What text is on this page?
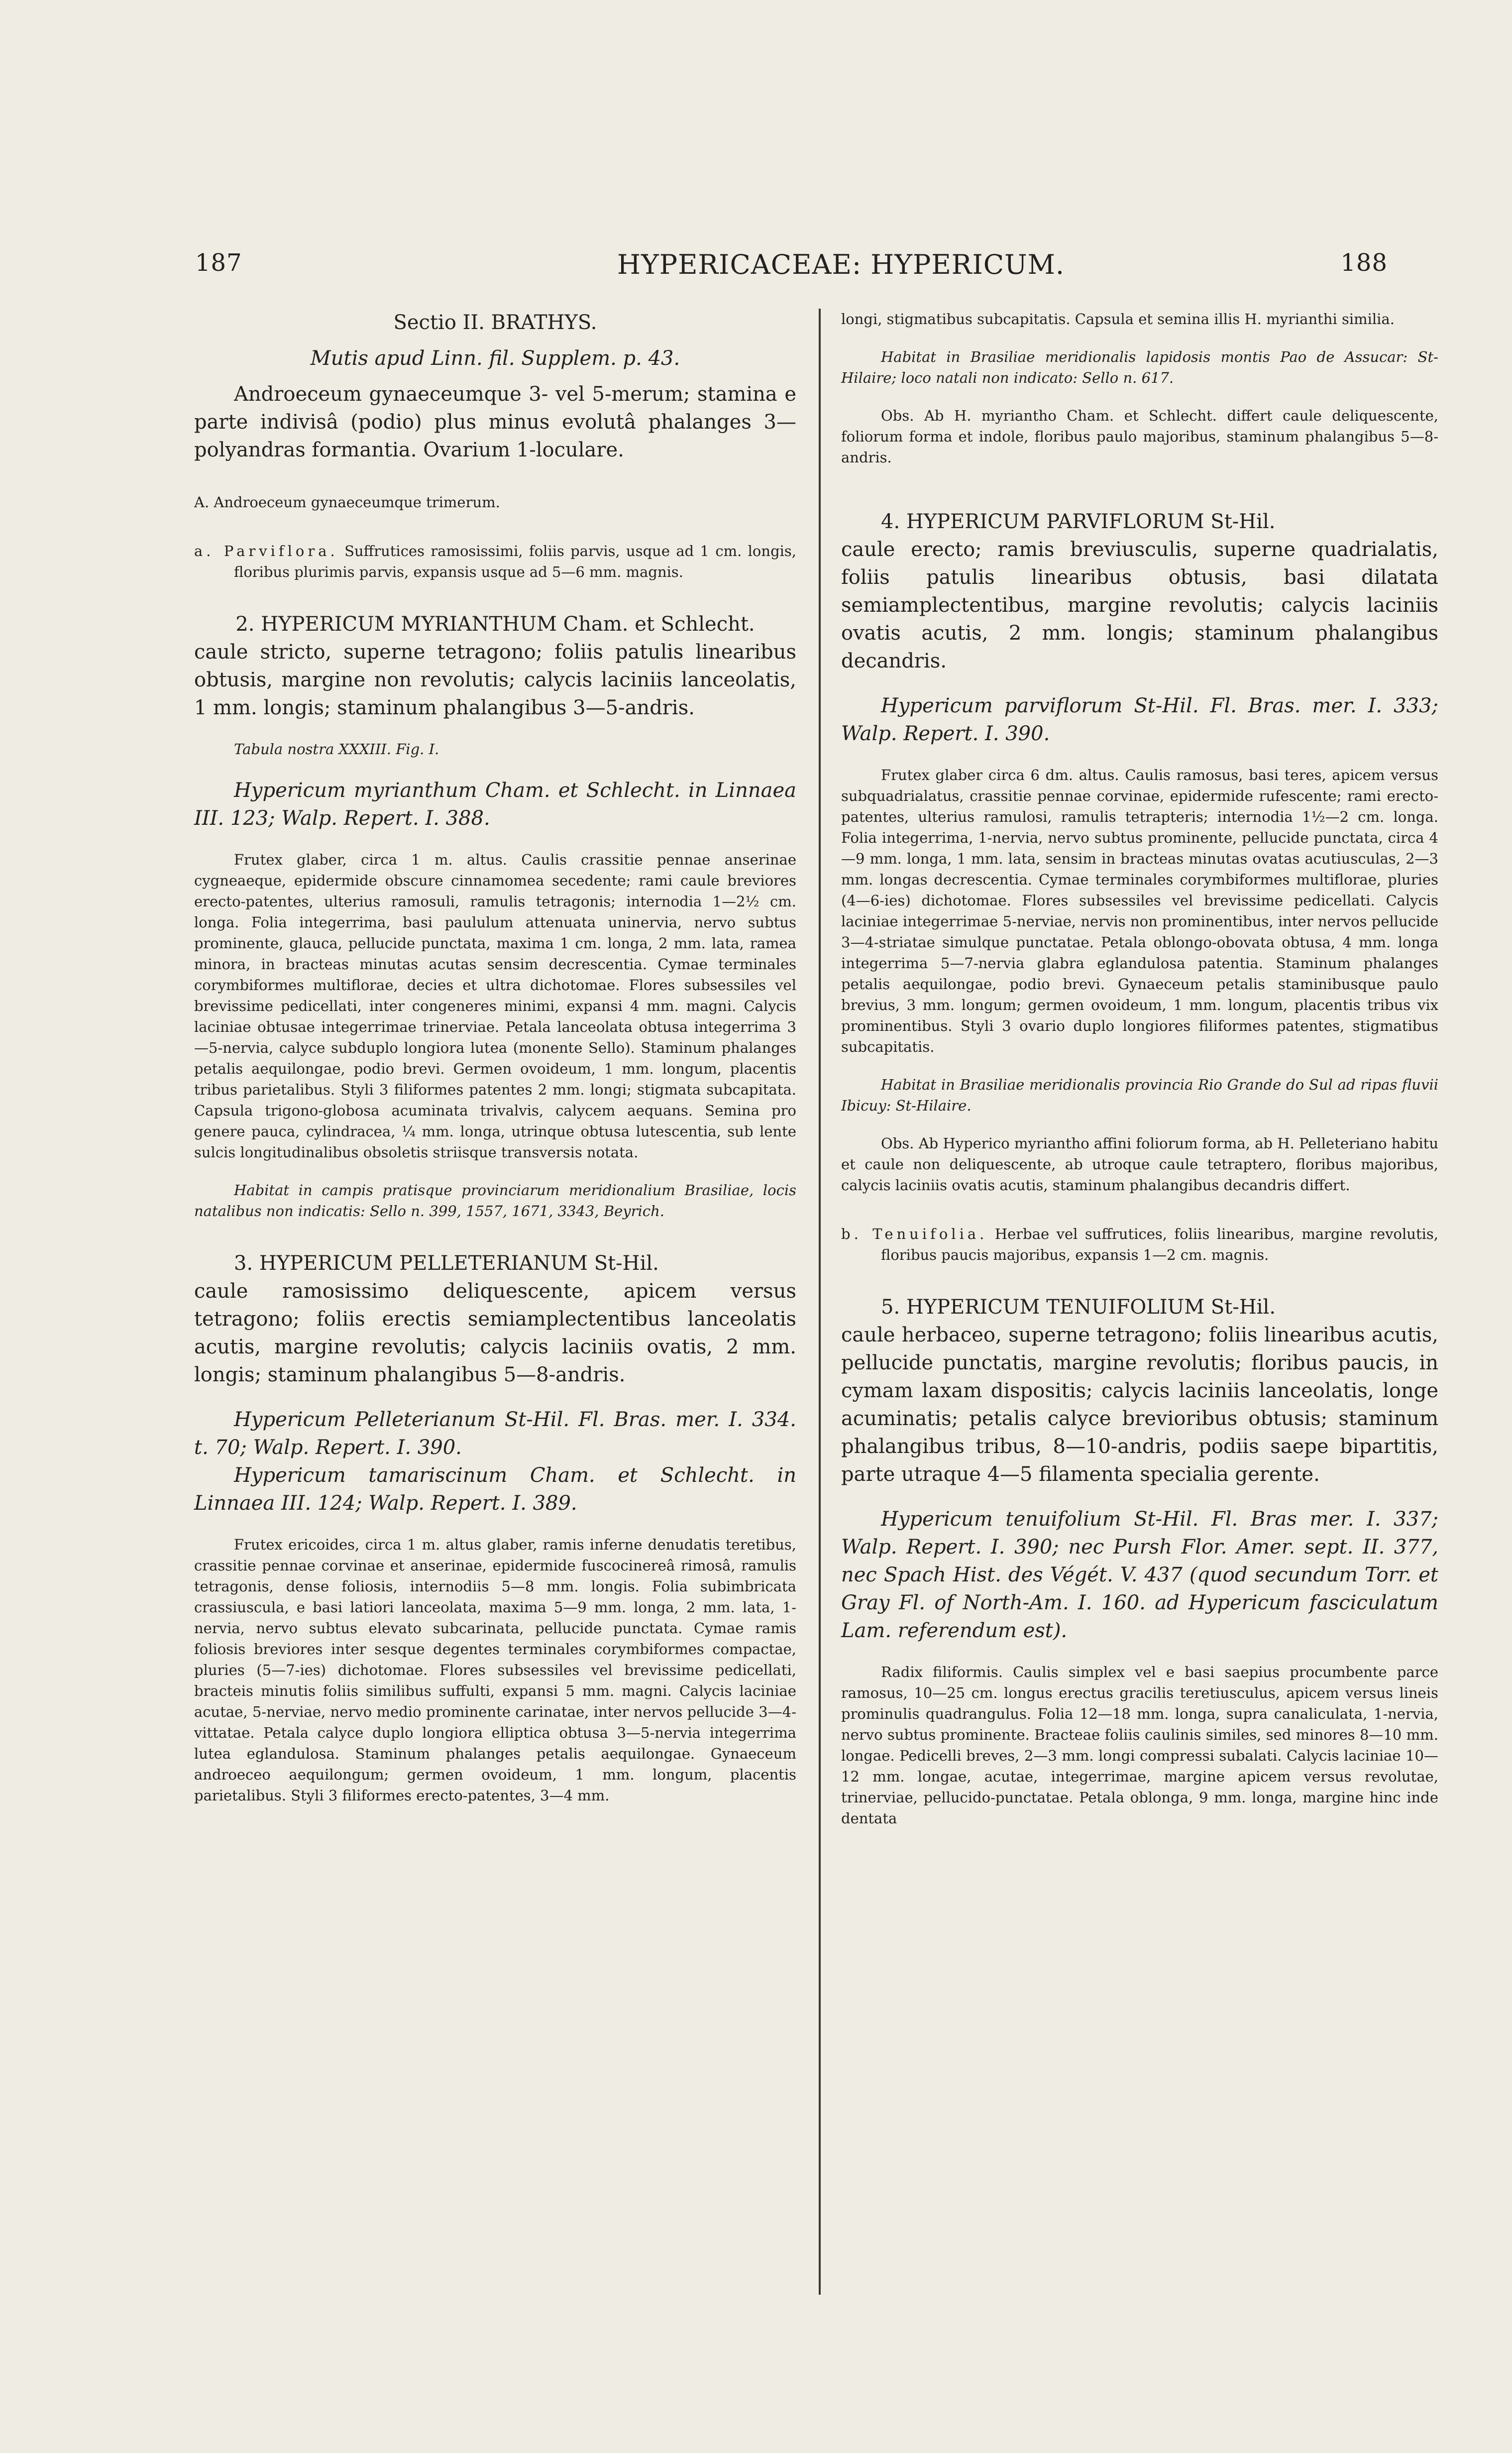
187	HYPERICACEAE: HYPERICUM.	188

Sectio II. BRATHYS.

Mutis apud Linn. fil. Supplem. p. 43.

Androeceum gynaeceumque 3- vel 5-merum; stamina e parte indivisâ (podio) plus minus evolutâ phalanges 3—polyandras formantia. Ovarium 1-loculare.

A. Androeceum gynaeceumque trimerum.

a. Parviflora. Suffrutices ramosissimi, foliis parvis, usque ad 1 cm. longis, floribus plurimis parvis, expansis usque ad 5—6 mm. magnis.

2. HYPERICUM MYRIANTHUM Cham. et Schlecht.

caule stricto, superne tetragono; foliis patulis linearibus obtusis, margine non revolutis; calycis laciniis lanceolatis, 1 mm. longis; staminum phalangibus 3—5-andris.

Tabula nostra XXXIII. Fig. I.

Hypericum myrianthum Cham. et Schlecht. in Linnaea III. 123; Walp. Repert. I. 388.

Frutex glaber, circa 1 m. altus. Caulis crassitie pennae anserinae cygneaeque, epidermide obscure cinnamomea secedente; rami caule breviores erecto-patentes, ulterius ramosuli, ramulis tetragonis; internodia 1—2½ cm. longa. Folia integerrima, basi paululum attenuata uninervia, nervo subtus prominente, glauca, pellucide punctata, maxima 1 cm. longa, 2 mm. lata, ramea minora, in bracteas minutas acutas sensim decrescentia. Cymae terminales corymbiformes multiflorae, decies et ultra dichotomae. Flores subsessiles vel brevissime pedicellati, inter congeneres minimi, expansi 4 mm. magni. Calycis laciniae obtusae integerrimae trinerviae. Petala lanceolata obtusa integerrima 3—5-nervia, calyce subduplo longiora lutea (monente Sello). Staminum phalanges petalis aequilongae, podio brevi. Germen ovoideum, 1 mm. longum, placentis tribus parietalibus. Styli 3 filiformes patentes 2 mm. longi; stigmata subcapitata. Capsula trigono-globosa acuminata trivalvis, calycem aequans. Semina pro genere pauca, cylindracea, ¼ mm. longa, utrinque obtusa lutescentia, sub lente sulcis longitudinalibus obsoletis striisque transversis notata.

Habitat in campis pratisque provinciarum meridionalium Brasiliae, locis natalibus non indicatis: Sello n. 399, 1557, 1671, 3343, Beyrich.

3. HYPERICUM PELLETERIANUM St-Hil.

caule ramosissimo deliquescente, apicem versus tetragono; foliis erectis semiamplectentibus lanceolatis acutis, margine revolutis; calycis laciniis ovatis, 2 mm. longis; staminum phalangibus 5—8-andris.

Hypericum Pelleterianum St-Hil. Fl. Bras. mer. I. 334. t. 70; Walp. Repert. I. 390.

Hypericum tamariscinum Cham. et Schlecht. in Linnaea III. 124; Walp. Repert. I. 389.

Frutex ericoides, circa 1 m. altus glaber, ramis inferne denudatis teretibus, crassitie pennae corvinae et anserinae, epidermide fuscocinereâ rimosâ, ramulis tetragonis, dense foliosis, internodiis 5—8 mm. longis. Folia subimbricata crassiuscula, e basi latiori lanceolata, maxima 5—9 mm. longa, 2 mm. lata, 1-nervia, nervo subtus elevato subcarinata, pellucide punctata. Cymae ramis foliosis breviores inter sesque degentes terminales corymbiformes compactae, pluries (5—7-ies) dichotomae. Flores subsessiles vel brevissime pedicellati, bracteis minutis foliis similibus suffulti, expansi 5 mm. magni. Calycis laciniae acutae, 5-nerviae, nervo medio prominente carinatae, inter nervos pellucide 3—4-vittatae. Petala calyce duplo longiora elliptica obtusa 3—5-nervia integerrima lutea eglandulosa. Staminum phalanges petalis aequilongae. Gynaeceum androeceo aequilongum; germen ovoideum, 1 mm. longum, placentis parietalibus. Styli 3 filiformes erecto-patentes, 3—4 mm.

longi, stigmatibus subcapitatis. Capsula et semina illis H. myrianthi similia.

Habitat in Brasiliae meridionalis lapidosis montis Pao de Assucar: St-Hilaire; loco natali non indicato: Sello n. 617.

Obs. Ab H. myriantho Cham. et Schlecht. differt caule deliquescente, foliorum forma et indole, floribus paulo majoribus, staminum phalangibus 5—8-andris.

4. HYPERICUM PARVIFLORUM St-Hil.

caule erecto; ramis breviusculis, superne quadrialatis, foliis patulis linearibus obtusis, basi dilatata semiamplectentibus, margine revolutis; calycis laciniis ovatis acutis, 2 mm. longis; staminum phalangibus decandris.

Hypericum parviflorum St-Hil. Fl. Bras. mer. I. 333; Walp. Repert. I. 390.

Frutex glaber circa 6 dm. altus. Caulis ramosus, basi teres, apicem versus subquadrialatus, crassitie pennae corvinae, epidermide rufescente; rami erecto-patentes, ulterius ramulosi, ramulis tetrapteris; internodia 1½—2 cm. longa. Folia integerrima, 1-nervia, nervo subtus prominente, pellucide punctata, circa 4—9 mm. longa, 1 mm. lata, sensim in bracteas minutas ovatas acutiusculas, 2—3 mm. longas decrescentia. Cymae terminales corymbiformes multiflorae, pluries (4—6-ies) dichotomae. Flores subsessiles vel brevissime pedicellati. Calycis laciniae integerrimae 5-nerviae, nervis non prominentibus, inter nervos pellucide 3—4-striatae simulque punctatae. Petala oblongo-obovata obtusa, 4 mm. longa integerrima 5—7-nervia glabra eglandulosa patentia. Staminum phalanges petalis aequilongae, podio brevi. Gynaeceum petalis staminibusque paulo brevius, 3 mm. longum; germen ovoideum, 1 mm. longum, placentis tribus vix prominentibus. Styli 3 ovario duplo longiores filiformes patentes, stigmatibus subcapitatis.

Habitat in Brasiliae meridionalis provincia Rio Grande do Sul ad ripas fluvii Ibicuy: St-Hilaire.

Obs. Ab Hyperico myriantho affini foliorum forma, ab H. Pelleteriano habitu et caule non deliquescente, ab utroque caule tetraptero, floribus majoribus, calycis laciniis ovatis acutis, staminum phalangibus decandris differt.

b. Tenuifolia. Herbae vel suffrutices, foliis linearibus, margine revolutis, floribus paucis majoribus, expansis 1—2 cm. magnis.

5. HYPERICUM TENUIFOLIUM St-Hil.

caule herbaceo, superne tetragono; foliis linearibus acutis, pellucide punctatis, margine revolutis; floribus paucis, in cymam laxam dispositis; calycis laciniis lanceolatis, longe acuminatis; petalis calyce brevioribus obtusis; staminum phalangibus tribus, 8—10-andris, podiis saepe bipartitis, parte utraque 4—5 filamenta specialia gerente.

Hypericum tenuifolium St-Hil. Fl. Bras mer. I. 337; Walp. Repert. I. 390; nec Pursh Flor. Amer. sept. II. 377, nec Spach Hist. des Végét. V. 437 (quod secundum Torr. et Gray Fl. of North-Am. I. 160. ad Hypericum fasciculatum Lam. referendum est).

Radix filiformis. Caulis simplex vel e basi saepius procumbente parce ramosus, 10—25 cm. longus erectus gracilis teretiusculus, apicem versus lineis prominulis quadrangulus. Folia 12—18 mm. longa, supra canaliculata, 1-nervia, nervo subtus prominente. Bracteae foliis caulinis similes, sed minores 8—10 mm. longae. Pedicelli breves, 2—3 mm. longi compressi subalati. Calycis laciniae 10—12 mm. longae, acutae, integerrimae, margine apicem versus revolutae, trinerviae, pellucido-punctatae. Petala oblonga, 9 mm. longa, margine hinc inde dentata
